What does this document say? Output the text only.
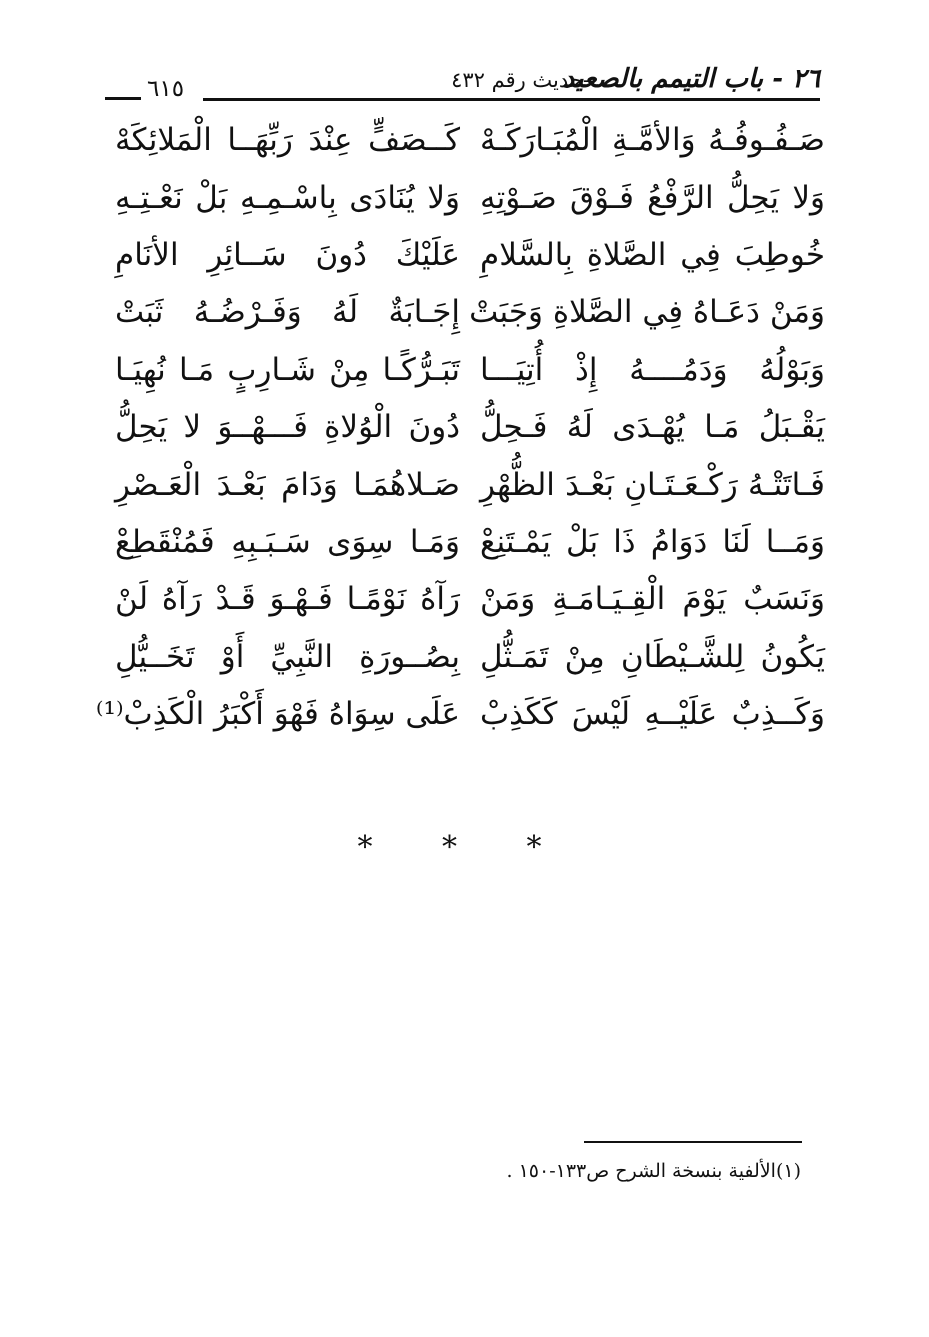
٢٦ - باب التيمم بالصعيد
-حديث رقم ٤٣٢
٦١٥
صَـفُـوفُـهُ وَالأمَّـةِ الْمُبَـارَكَـهْ
كَــصَفٍّ عِنْدَ رَبِّهَــا الْمَلائِكَهْ
وَلا يَحِلُّ الرَّفْعُ فَـوْقَ صَـوْتِهِ
وَلا يُنَادَى بِاسْـمِـهِ بَلْ نَعْـتِـهِ
خُوطِبَ فِي الصَّلاةِ بِالسَّلامِ
عَلَيْكَ دُونَ سَــائِرِ الأنَامِ
وَمَنْ دَعَـاهُ فِي الصَّلاةِ وَجَبَتْ
إِجَـابَةٌ لَهُ وَفَـرْضُـهُ ثَبَتْ
وَبَوْلُهُ وَدَمُــــهُ إِذْ أُتِيَـــا
تَبَـرُّكًـا مِنْ شَـارِبٍ مَـا نُهِيَـا
يَقْـبَلُ مَـا يُهْـدَى لَهُ فَـحِلُّ
دُونَ الْوُلاةِ فَـــهْــوَ لا يَحِلُّ
فَـاتَتْـهُ رَكْـعَـتَـانِ بَعْـدَ الظُّهْرِ
صَـلاهُمَـا وَدَامَ بَعْـدَ الْعَـصْرِ
وَمَــا لَنَا دَوَامُ ذَا بَلْ يَمْـتَنِعْ
وَمَـا سِوَى سَـبَـبِهِ فَمُنْقَطِعْ
وَنَسَبٌ يَوْمَ الْقِـيَـامَـةِ وَمَنْ
رَآهُ نَوْمًـا فَـهْـوَ قَـدْ رَآهُ لَنْ
يَكُونُ لِلشَّـيْطَانِ مِنْ تَمَـثُّلِ
بِصُــورَةِ النَّبِيِّ أَوْ تَخَــيُّلِ
وَكَــذِبٌ عَلَيْــهِ لَيْسَ كَكَذِبْ
عَلَى سِوَاهُ فَهْوَ أَكْبَرُ الْكَذِبْ⁽¹⁾
* * *
(١)الألفية بنسخة الشرح ص١٣٣-١٥٠ .
